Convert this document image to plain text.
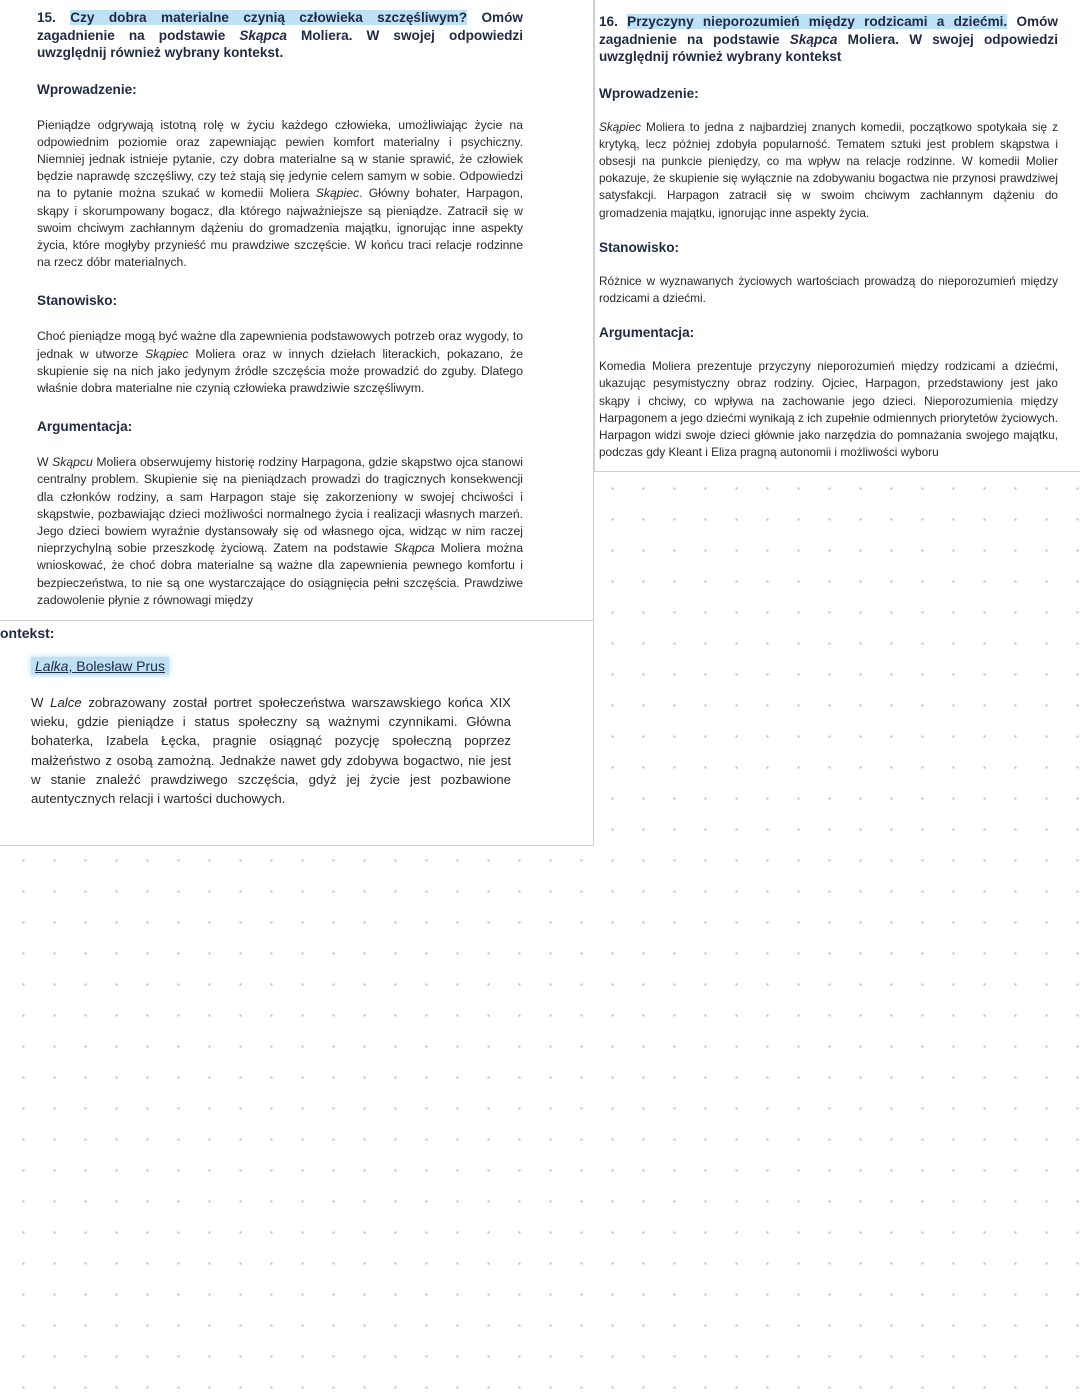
15. Czy dobra materialne czynią człowieka szczęśliwym? Omów zagadnienie na podstawie Skąpca Moliera. W swojej odpowiedzi uwzględnij również wybrany kontekst.

Wprowadzenie:

Pieniądze odgrywają istotną rolę w życiu każdego człowieka, umożliwiając życie na odpowiednim poziomie oraz zapewniając pewien komfort materialny i psychiczny. Niemniej jednak istnieje pytanie, czy dobra materialne są w stanie sprawić, że człowiek będzie naprawdę szczęśliwy, czy też stają się jedynie celem samym w sobie. Odpowiedzi na to pytanie można szukać w komedii Moliera Skąpiec. Główny bohater, Harpagon, skąpy i skorumpowany bogacz, dla którego najważniejsze są pieniądze. Zatracił się w swoim chciwym zachłannym dążeniu do gromadzenia majątku, ignorując inne aspekty życia, które mogłyby przynieść mu prawdziwe szczęście. W końcu traci relacje rodzinne na rzecz dóbr materialnych.

Stanowisko:

Choć pieniądze mogą być ważne dla zapewnienia podstawowych potrzeb oraz wygody, to jednak w utworze Skąpiec Moliera oraz w innych dziełach literackich, pokazano, że skupienie się na nich jako jedynym źródle szczęścia może prowadzić do zguby. Dlatego właśnie dobra materialne nie czynią człowieka prawdziwie szczęśliwym.

Argumentacja:

W Skąpcu Moliera obserwujemy historię rodziny Harpagona, gdzie skąpstwo ojca stanowi centralny problem. Skupienie się na pieniądzach prowadzi do tragicznych konsekwencji dla członków rodziny, a sam Harpagon staje się zakorzeniony w swojej chciwości i skąpstwie, pozbawiając dzieci możliwości normalnego życia i realizacji własnych marzeń. Jego dzieci bowiem wyraźnie dystansowały się od własnego ojca, widząc w nim raczej nieprzychylną sobie przeszkodę życiową. Zatem na podstawie Skąpca Moliera można wnioskować, że choć dobra materialne są ważne dla zapewnienia pewnego komfortu i bezpieczeństwa, to nie są one wystarczające do osiągnięcia pełni szczęścia. Prawdziwe zadowolenie płynie z równowagi między

16. Przyczyny nieporozumień między rodzicami a dziećmi. Omów zagadnienie na podstawie Skąpca Moliera. W swojej odpowiedzi uwzględnij również wybrany kontekst

Wprowadzenie:

Skąpiec Moliera to jedna z najbardziej znanych komedii, początkowo spotykała się z krytyką, lecz później zdobyła popularność. Tematem sztuki jest problem skąpstwa i obsesji na punkcie pieniędzy, co ma wpływ na relacje rodzinne. W komedii Molier pokazuje, że skupienie się wyłącznie na zdobywaniu bogactwa nie przynosi prawdziwej satysfakcji. Harpagon zatracił się w swoim chciwym zachłannym dążeniu do gromadzenia majątku, ignorując inne aspekty życia.

Stanowisko:

Różnice w wyznawanych życiowych wartościach prowadzą do nieporozumień między rodzicami a dziećmi.

Argumentacja:

Komedia Moliera prezentuje przyczyny nieporozumień między rodzicami a dziećmi, ukazując pesymistyczny obraz rodziny. Ojciec, Harpagon, przedstawiony jest jako skąpy i chciwy, co wpływa na zachowanie jego dzieci. Nieporozumienia między Harpagonem a jego dziećmi wynikają z ich zupełnie odmiennych priorytetów życiowych. Harpagon widzi swoje dzieci głównie jako narzędzia do pomnażania swojego majątku, podczas gdy Kleant i Eliza pragną autonomii i możliwości wyboru

ontekst:

Lalka, Bolesław Prus

W Lalce zobrazowany został portret społeczeństwa warszawskiego końca XIX wieku, gdzie pieniądze i status społeczny są ważnymi czynnikami. Główna bohaterka, Izabela Łęcka, pragnie osiągnąć pozycję społeczną poprzez małżeństwo z osobą zamożną. Jednakże nawet gdy zdobywa bogactwo, nie jest w stanie znaleźć prawdziwego szczęścia, gdyż jej życie jest pozbawione autentycznych relacji i wartości duchowych.
